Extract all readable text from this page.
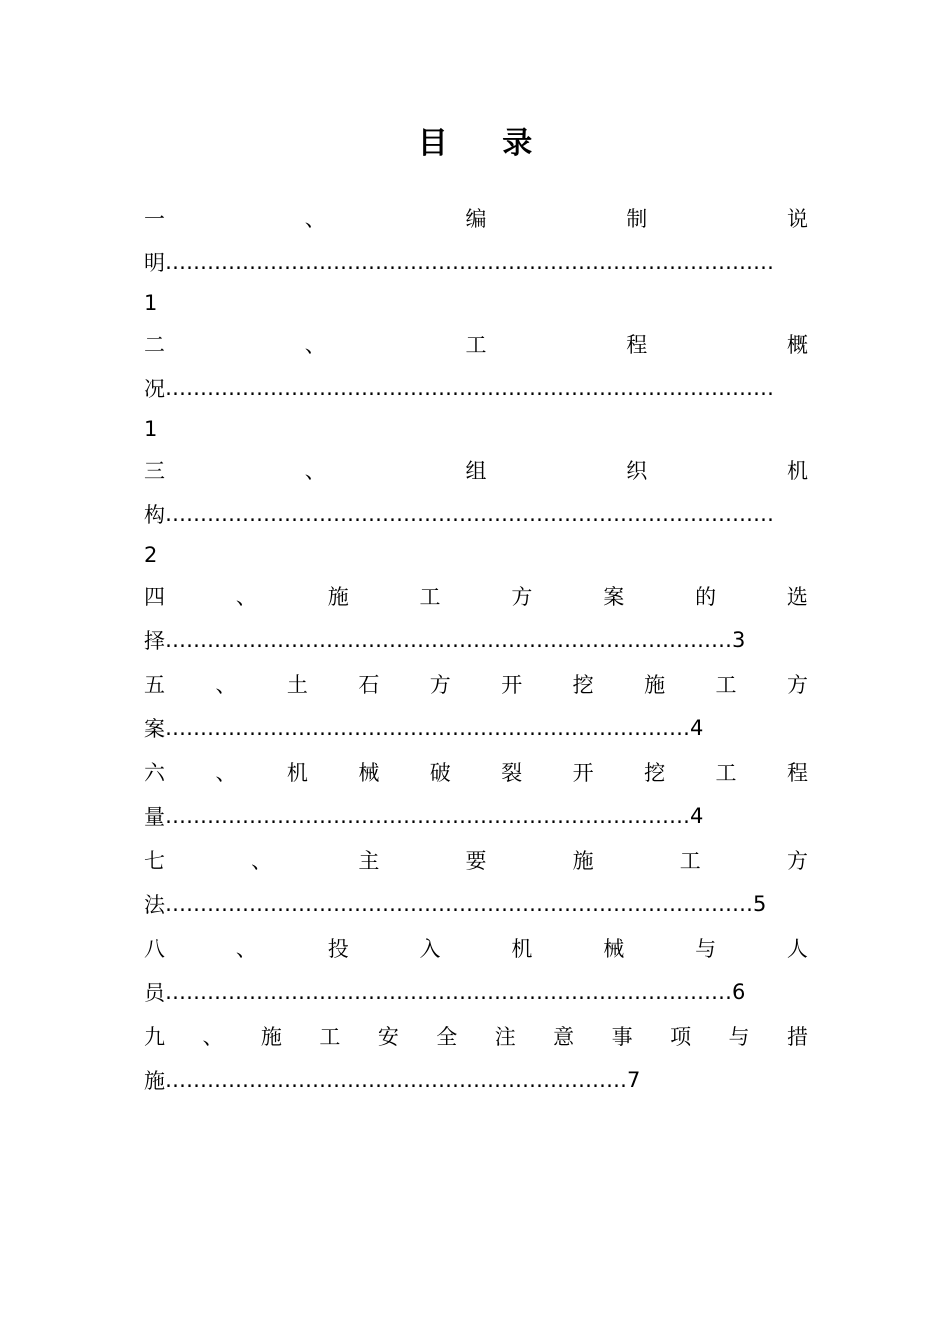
目 录
一	、	编	制	说
明 ……………………………………………………………………………
1
二	、	工	程	概
况 ……………………………………………………………………………
1
三	、	组	织	机
构 ……………………………………………………………………………
2
四	、	施	工	方	案	的	选
择 ……………………………………………………………………… 3
五 、 土 石 方 开 挖 施 工 方
案 ………………………………………………………………… 4
六 、 机 械 破 裂 开 挖 工 程
量 ………………………………………………………………… 4
七	、	主	要	施	工	方
法 ………………………………………………………………………… 5
八	、	投	入	机	械	与	人
员 ……………………………………………………………………… 6
九 、 施 工 安 全 注 意 事 项 与 措
施 ………………………………………………………… 7
